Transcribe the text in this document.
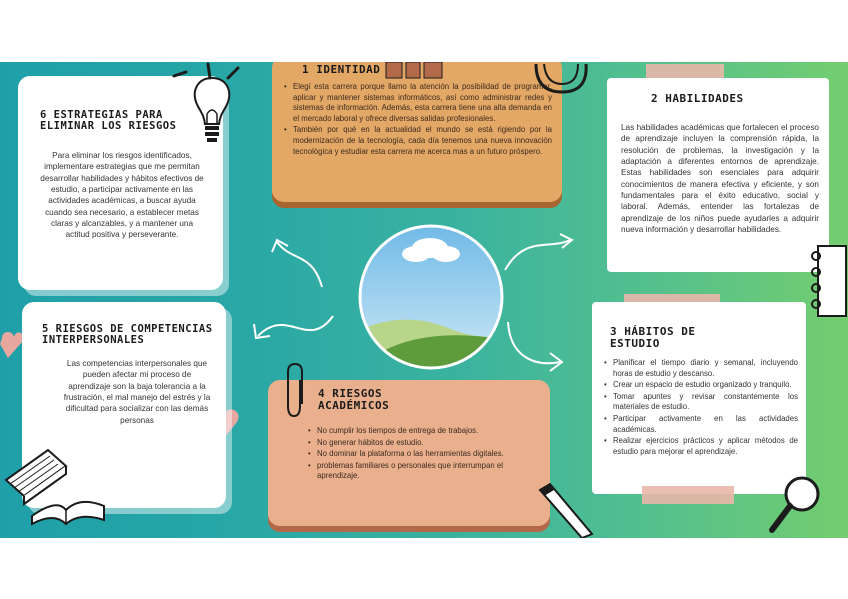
6 ESTRATEGIAS PARA ELIMINAR LOS RIESGOS
Para eliminar los riesgos identificados, implementare estrategias que me permitan desarrollar habilidades y hábitos efectivos de estudio, a participar activamente en las actividades académicas, a buscar ayuda cuando sea necesario, a establecer metas claras y alcanzables, y a mantener una actitud positiva y perseverante.
• Elegí esta carrera porque llamo la atención la posibilidad de programar, aplicar y mantener sistemas informáticos, así como administrar redes y sistemas de información. Además, esta carrera tiene una alta demanda en el mercado laboral y ofrece diversas salidas profesionales.
• También por qué en la actualidad el mundo se está rigiendo por la modernización de la tecnología, cada día tenemos una nueva innovación tecnológica y estudiar esta carrera me acerca mas a un futuro próspero.
1 IDENTIDAD
2 HABILIDADES
Las habilidades académicas que fortalecen el proceso de aprendizaje incluyen la comprensión rápida, la resolución de problemas, la investigación y la adaptación a diferentes entornos de aprendizaje. Estas habilidades son esenciales para adquirir conocimientos de manera efectiva y eficiente, y son fundamentales para el éxito educativo, social y laboral. Además, entender las fortalezas de aprendizaje de los niños puede ayudarles a adquirir nueva información y desarrollar habilidades.
5 RIESGOS DE COMPETENCIAS INTERPERSONALES
Las competencias interpersonales que pueden afectar mi proceso de aprendizaje son la baja tolerancia a la frustración, el mal manejo del estrés y la dificultad para socializar con las demás personas
4 RIESGOS ACADÉMICOS
• No cumplir los tiempos de entrega de trabajos.
• No generar hábitos de estudio.
• No dominar la plataforma o las herramientas digitales.
• problemas familiares o personales que interrumpan el aprendizaje.
3 HÁBITOS DE ESTUDIO
• Planificar el tiempo diario y semanal, incluyendo horas de estudio y descanso.
• Crear un espacio de estudio organizado y tranquilo.
• Tomar apuntes y revisar constantemente los materiales de estudio.
• Participar activamente en las actividades académicas.
• Realizar ejercicios prácticos y aplicar métodos de estudio para mejorar el aprendizaje.
